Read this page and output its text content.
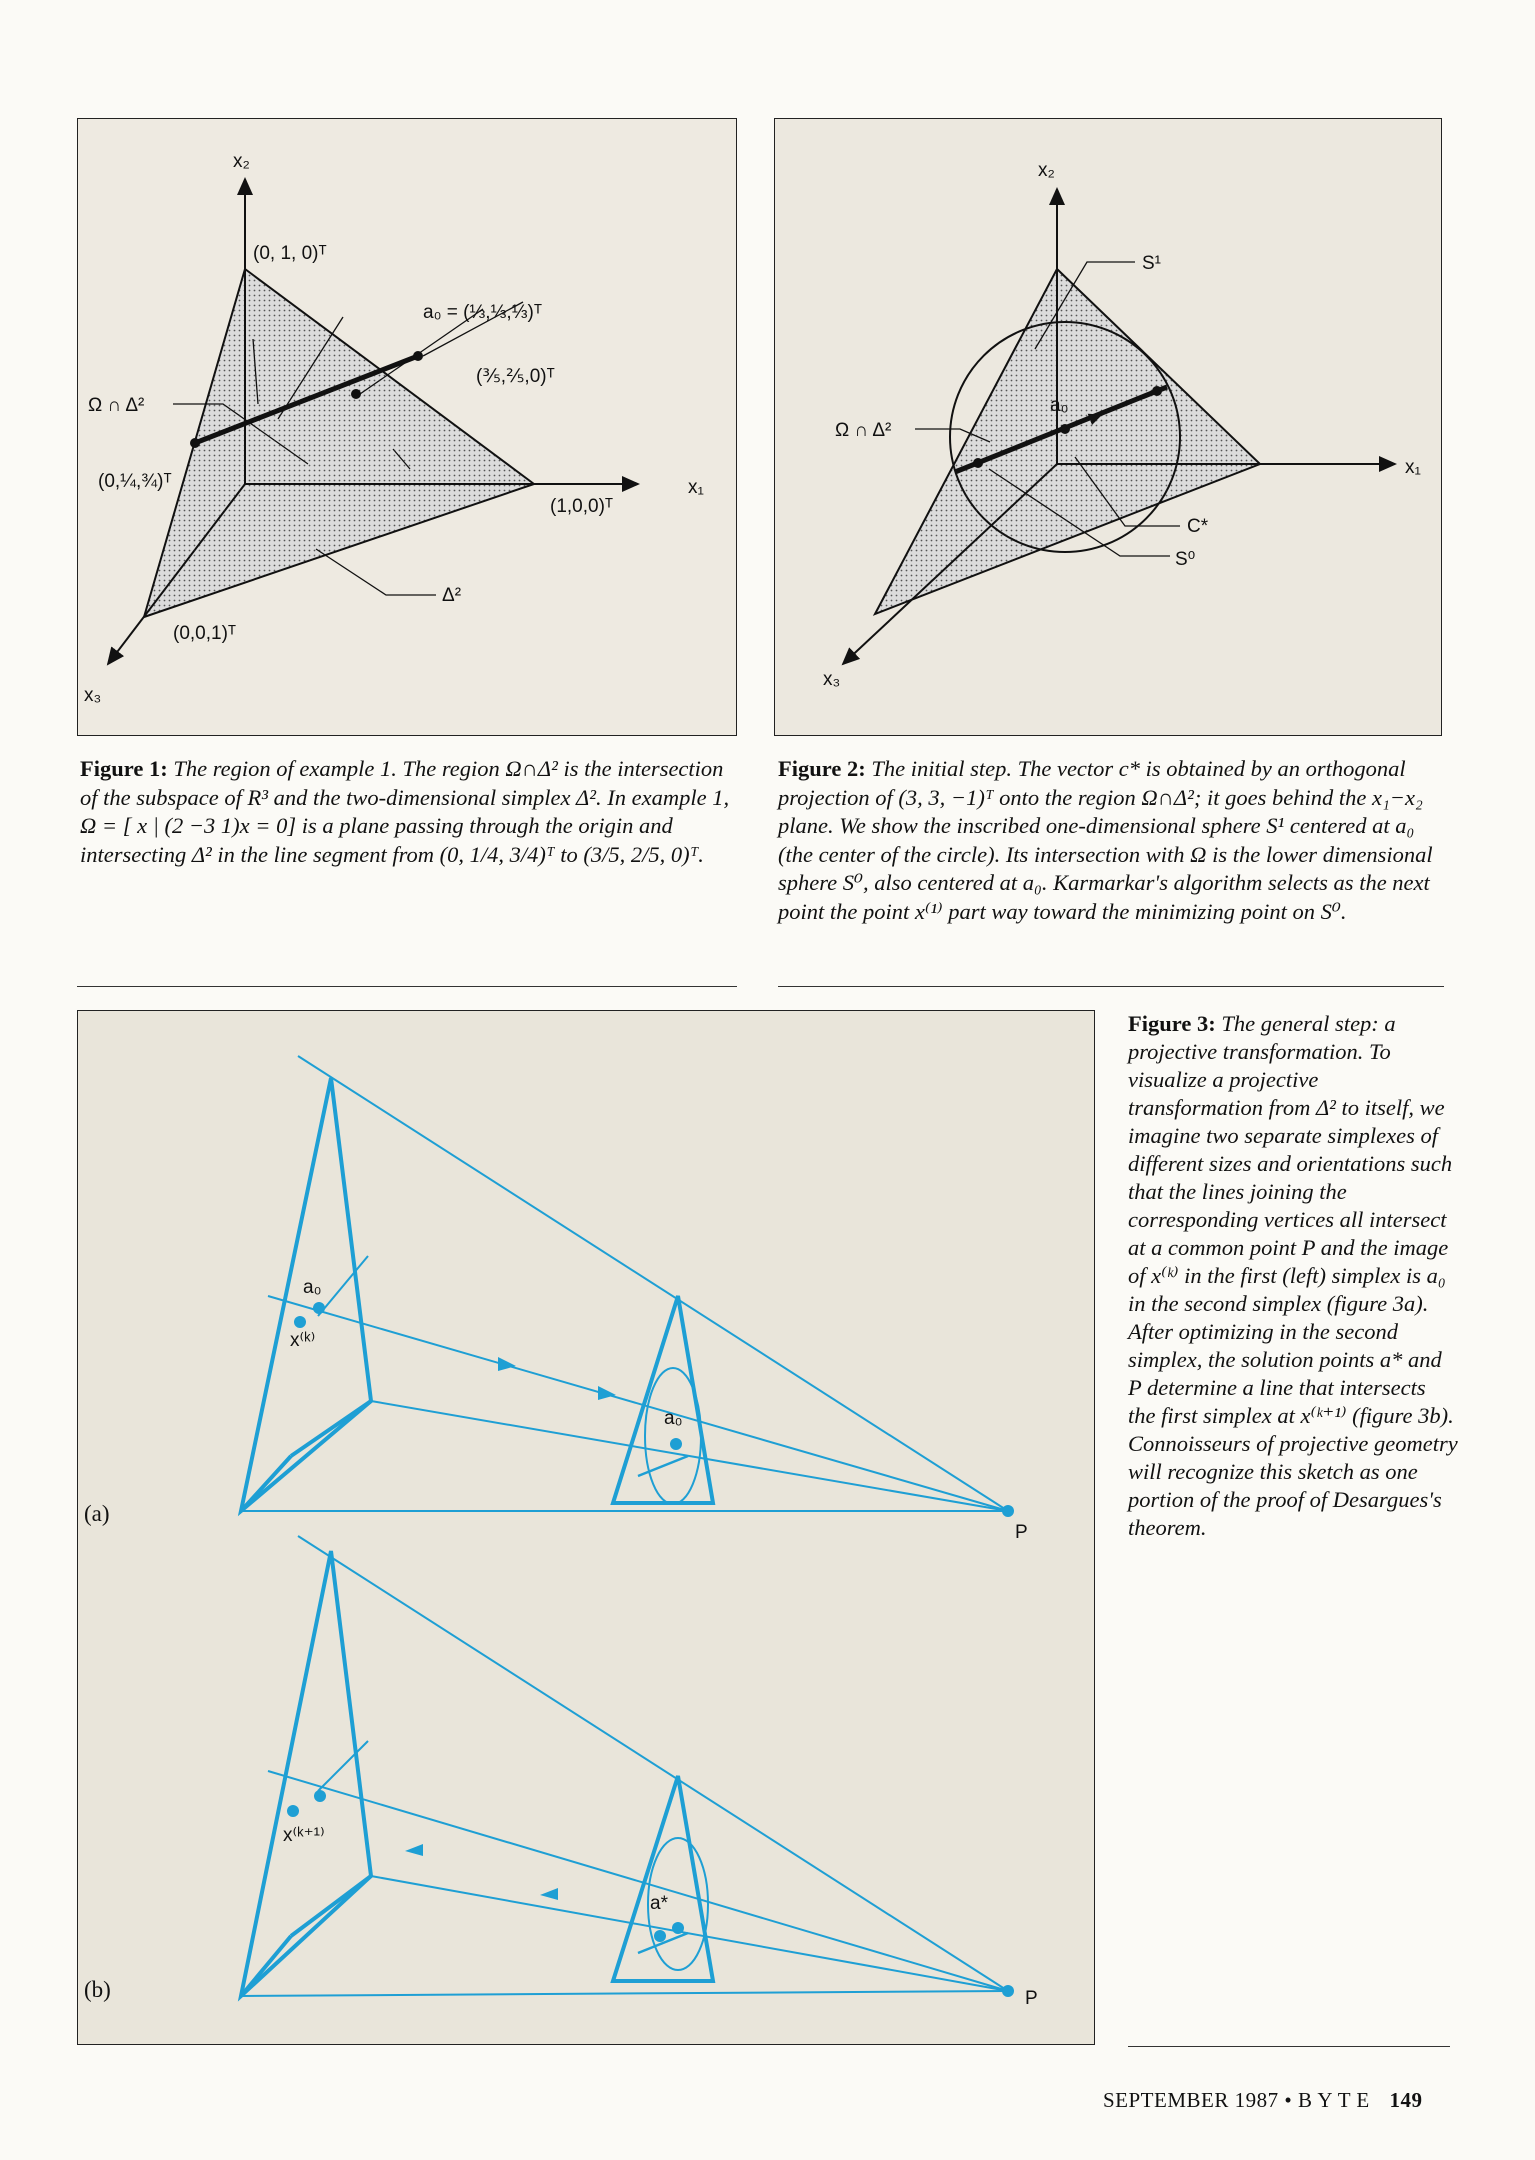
x₂
x₁
x₃
(0, 1, 0)ᵀ
a₀ = (⅓,⅓,⅓)ᵀ
(⅗,⅖,0)ᵀ
Ω ∩ Δ²
(0,¼,¾)ᵀ
(1,0,0)ᵀ
Δ²
(0,0,1)ᵀ
x₂
x₁
x₃
S¹
a₀
Ω ∩ Δ²
C*
S⁰
Figure 1: The region of example 1. The region Ω∩Δ² is the intersection of the subspace of R³ and the two-dimensional simplex Δ². In example 1, Ω = [ x | (2 −3 1)x = 0] is a plane passing through the origin and intersecting Δ² in the line segment from (0, 1/4, 3/4)ᵀ to (3/5, 2/5, 0)ᵀ.
Figure 2: The initial step. The vector c* is obtained by an orthogonal projection of (3, 3, −1)ᵀ onto the region Ω∩Δ²; it goes behind the x₁−x₂ plane. We show the inscribed one-dimensional sphere S¹ centered at a₀ (the center of the circle). Its intersection with Ω is the lower dimensional sphere S⁰, also centered at a₀. Karmarkar's algorithm selects as the next point the point x⁽¹⁾ part way toward the minimizing point on S⁰.
a₀
x⁽ᵏ⁾
a₀
P
x⁽ᵏ⁺¹⁾
a*
P
(a)
(b)
Figure 3: The general step: a projective transformation. To visualize a projective transformation from Δ² to itself, we imagine two separate simplexes of different sizes and orientations such that the lines joining the corresponding vertices all intersect at a common point P and the image of x⁽ᵏ⁾ in the first (left) simplex is a₀ in the second simplex (figure 3a). After optimizing in the second simplex, the solution points a* and P determine a line that intersects the first simplex at x⁽ᵏ⁺¹⁾ (figure 3b). Connoisseurs of projective geometry will recognize this sketch as one portion of the proof of Desargues's theorem.
SEPTEMBER 1987 • B Y T E 149
